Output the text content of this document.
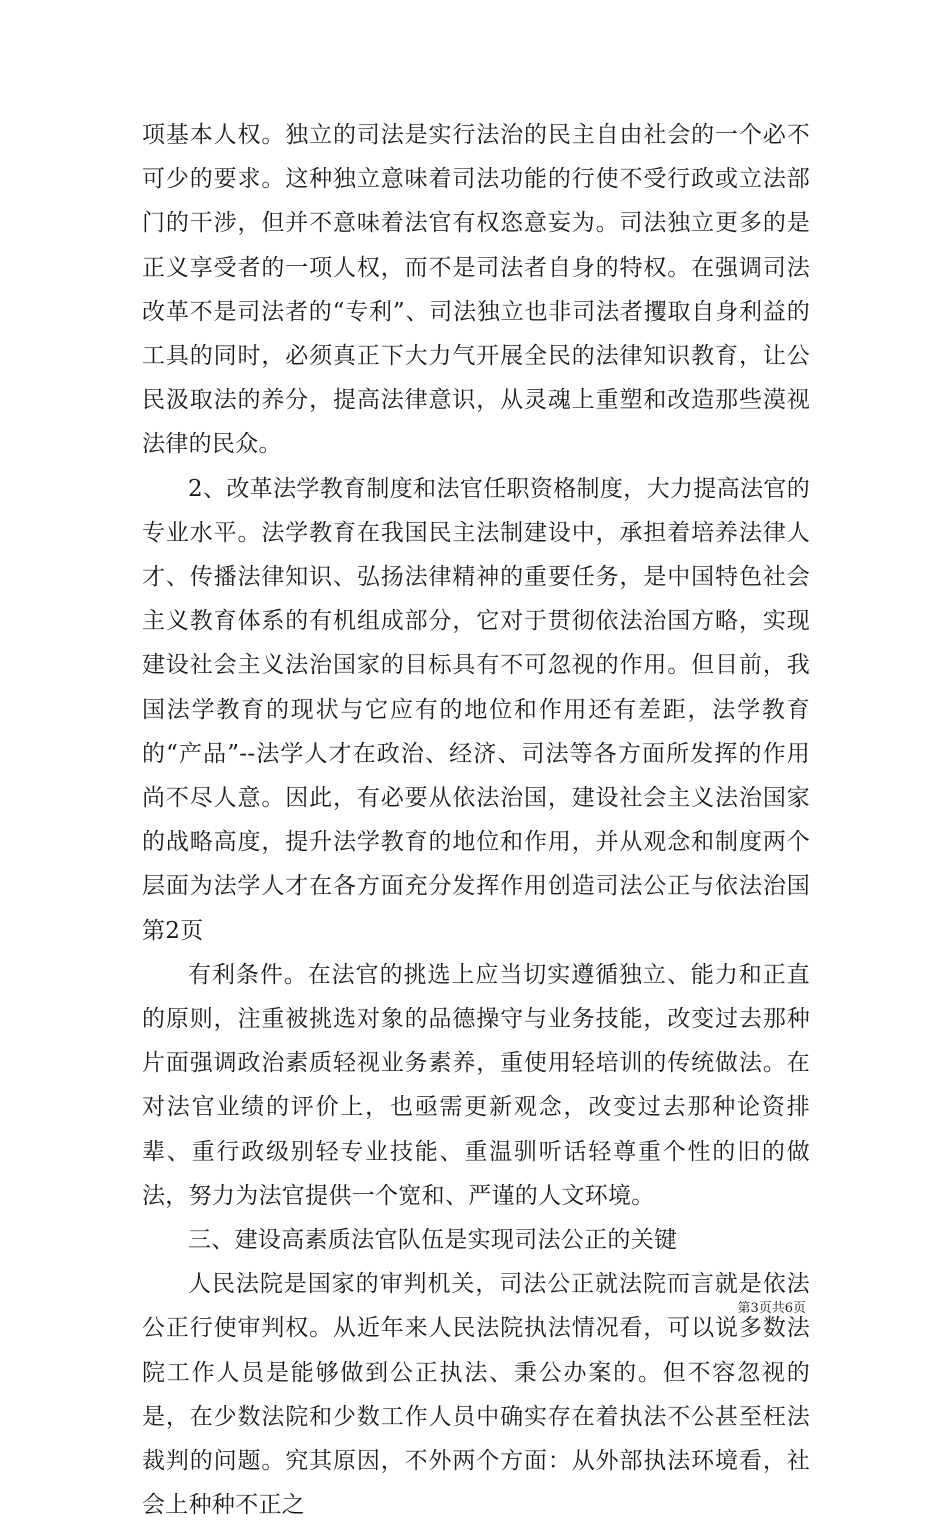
项基本人权。独立的司法是实行法治的民主自由社会的一个必不可少的要求。这种独立意味着司法功能的行使不受行政或立法部门的干涉，但并不意味着法官有权恣意妄为。司法独立更多的是正义享受者的一项人权，而不是司法者自身的特权。在强调司法改革不是司法者的“专利”、司法独立也非司法者攫取自身利益的工具的同时，必须真正下大力气开展全民的法律知识教育，让公民汲取法的养分，提高法律意识，从灵魂上重塑和改造那些漠视法律的民众。

2、改革法学教育制度和法官任职资格制度，大力提高法官的专业水平。法学教育在我国民主法制建设中，承担着培养法律人才、传播法律知识、弘扬法律精神的重要任务，是中国特色社会主义教育体系的有机组成部分，它对于贯彻依法治国方略，实现建设社会主义法治国家的目标具有不可忽视的作用。但目前，我国法学教育的现状与它应有的地位和作用还有差距，法学教育的“产品”--法学人才在政治、经济、司法等各方面所发挥的作用尚不尽人意。因此，有必要从依法治国，建设社会主义法治国家的战略高度，提升法学教育的地位和作用，并从观念和制度两个层面为法学人才在各方面充分发挥作用创造司法公正与依法治国第2页

有利条件。在法官的挑选上应当切实遵循独立、能力和正直的原则，注重被挑选对象的品德操守与业务技能，改变过去那种片面强调政治素质轻视业务素养，重使用轻培训的传统做法。在对法官业绩的评价上，也亟需更新观念，改变过去那种论资排辈、重行政级别轻专业技能、重温驯听话轻尊重个性的旧的做法，努力为法官提供一个宽和、严谨的人文环境。

三、建设高素质法官队伍是实现司法公正的关键

人民法院是国家的审判机关，司法公正就法院而言就是依法公正行使审判权。从近年来人民法院执法情况看，可以说多数法院工作人员是能够做到公正执法、秉公办案的。但不容忽视的是，在少数法院和少数工作人员中确实存在着执法不公甚至枉法裁判的问题。究其原因，不外两个方面：从外部执法环境看，社会上种种不正之

第3页共6页
